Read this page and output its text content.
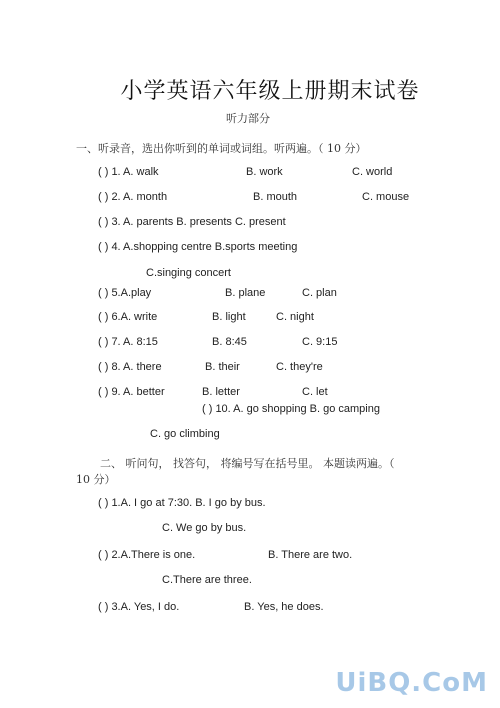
小学英语六年级上册期末试卷
听力部分
一、听录音，选出你听到的单词或词组。听两遍。（ 10 分）
( ) 1. A. walk	B. work	C. world
( ) 2. A. month	B. mouth	C. mouse
( ) 3. A. parents B. presents C. present
( ) 4. A.shopping centre B.sports meeting
C.singing concert
( ) 5.A.play	B. plane	C. plan
( ) 6.A. write	B. light	C. night
( ) 7. A. 8:15	B. 8:45	C. 9:15
( ) 8. A. there	B. their	C. they're
( ) 9. A. better	B. letter	C. let
( ) 10. A. go shopping B. go camping
C. go climbing
二、 听问句， 找答句， 将编号写在括号里。 本题读两遍。（
10 分）
( ) 1.A. I go at 7:30. B. I go by bus.
C. We go by bus.
( ) 2.A.There is one.	B. There are two.
C.There are three.
( ) 3.A. Yes, I do.	B. Yes, he does.
UiBQ.CoM
